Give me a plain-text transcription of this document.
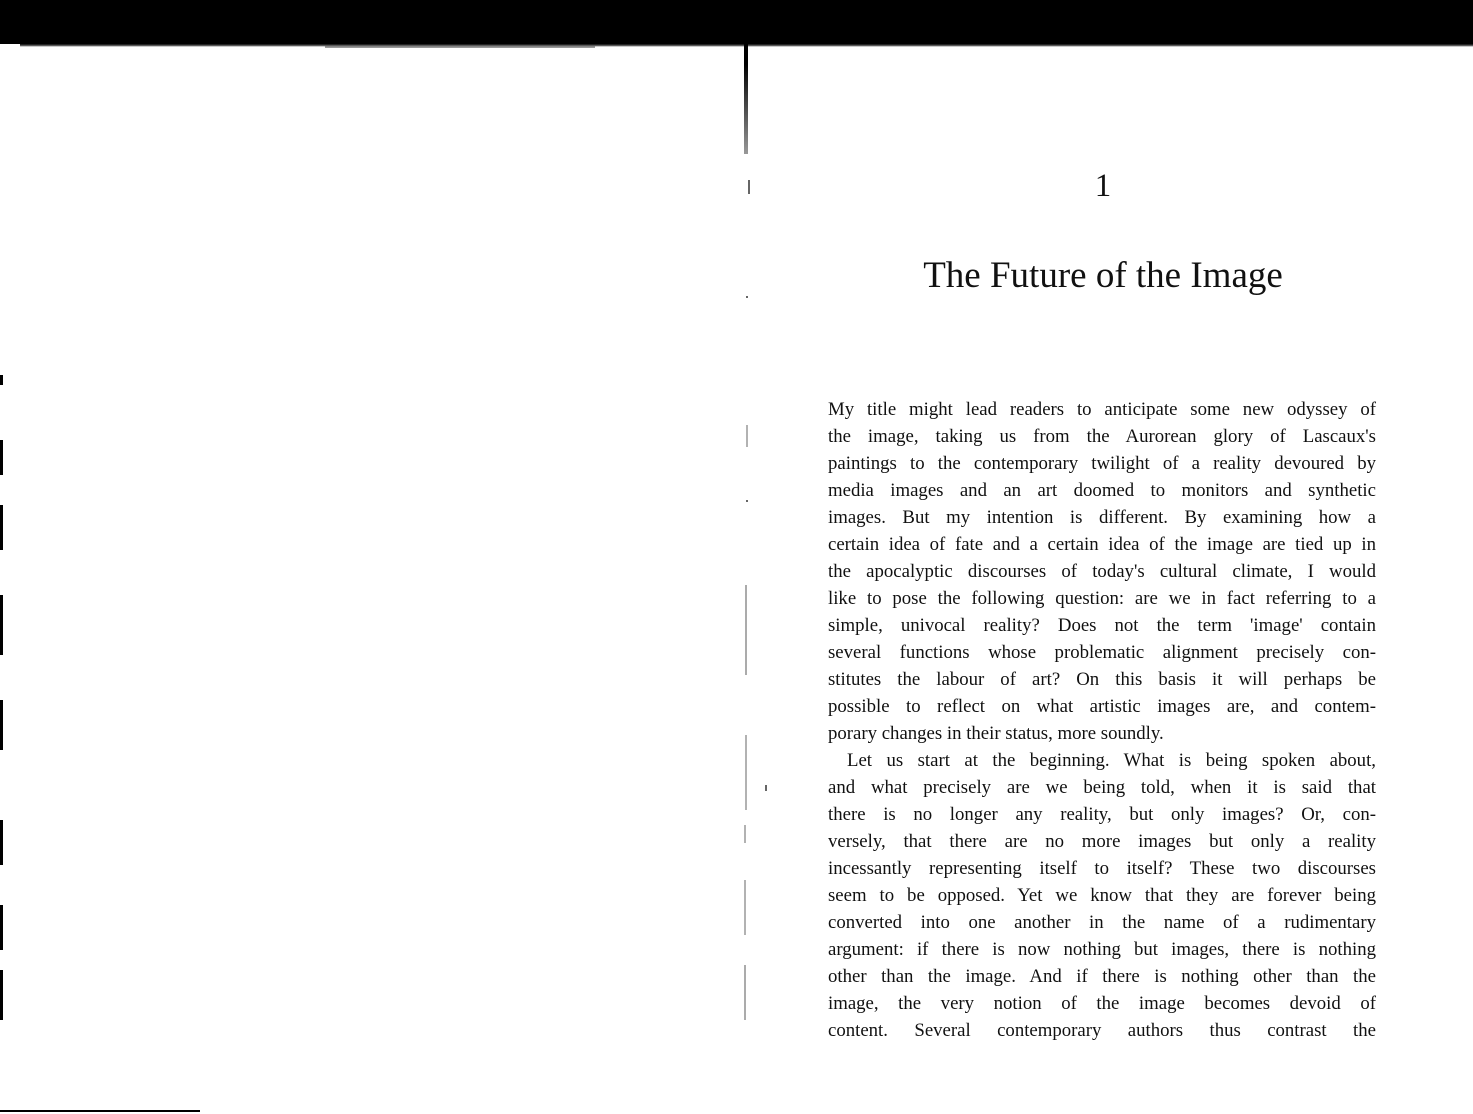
1
The Future of the Image
My title might lead readers to anticipate some new odyssey of
the image, taking us from the Aurorean glory of Lascaux's
paintings to the contemporary twilight of a reality devoured by
media images and an art doomed to monitors and synthetic
images. But my intention is different. By examining how a
certain idea of fate and a certain idea of the image are tied up in
the apocalyptic discourses of today's cultural climate, I would
like to pose the following question: are we in fact referring to a
simple, univocal reality? Does not the term 'image' contain
several functions whose problematic alignment precisely con-
stitutes the labour of art? On this basis it will perhaps be
possible to reflect on what artistic images are, and contem-
porary changes in their status, more soundly.
Let us start at the beginning. What is being spoken about,
and what precisely are we being told, when it is said that
there is no longer any reality, but only images? Or, con-
versely, that there are no more images but only a reality
incessantly representing itself to itself? These two discourses
seem to be opposed. Yet we know that they are forever being
converted into one another in the name of a rudimentary
argument: if there is now nothing but images, there is nothing
other than the image. And if there is nothing other than the
image, the very notion of the image becomes devoid of
content. Several contemporary authors thus contrast the
